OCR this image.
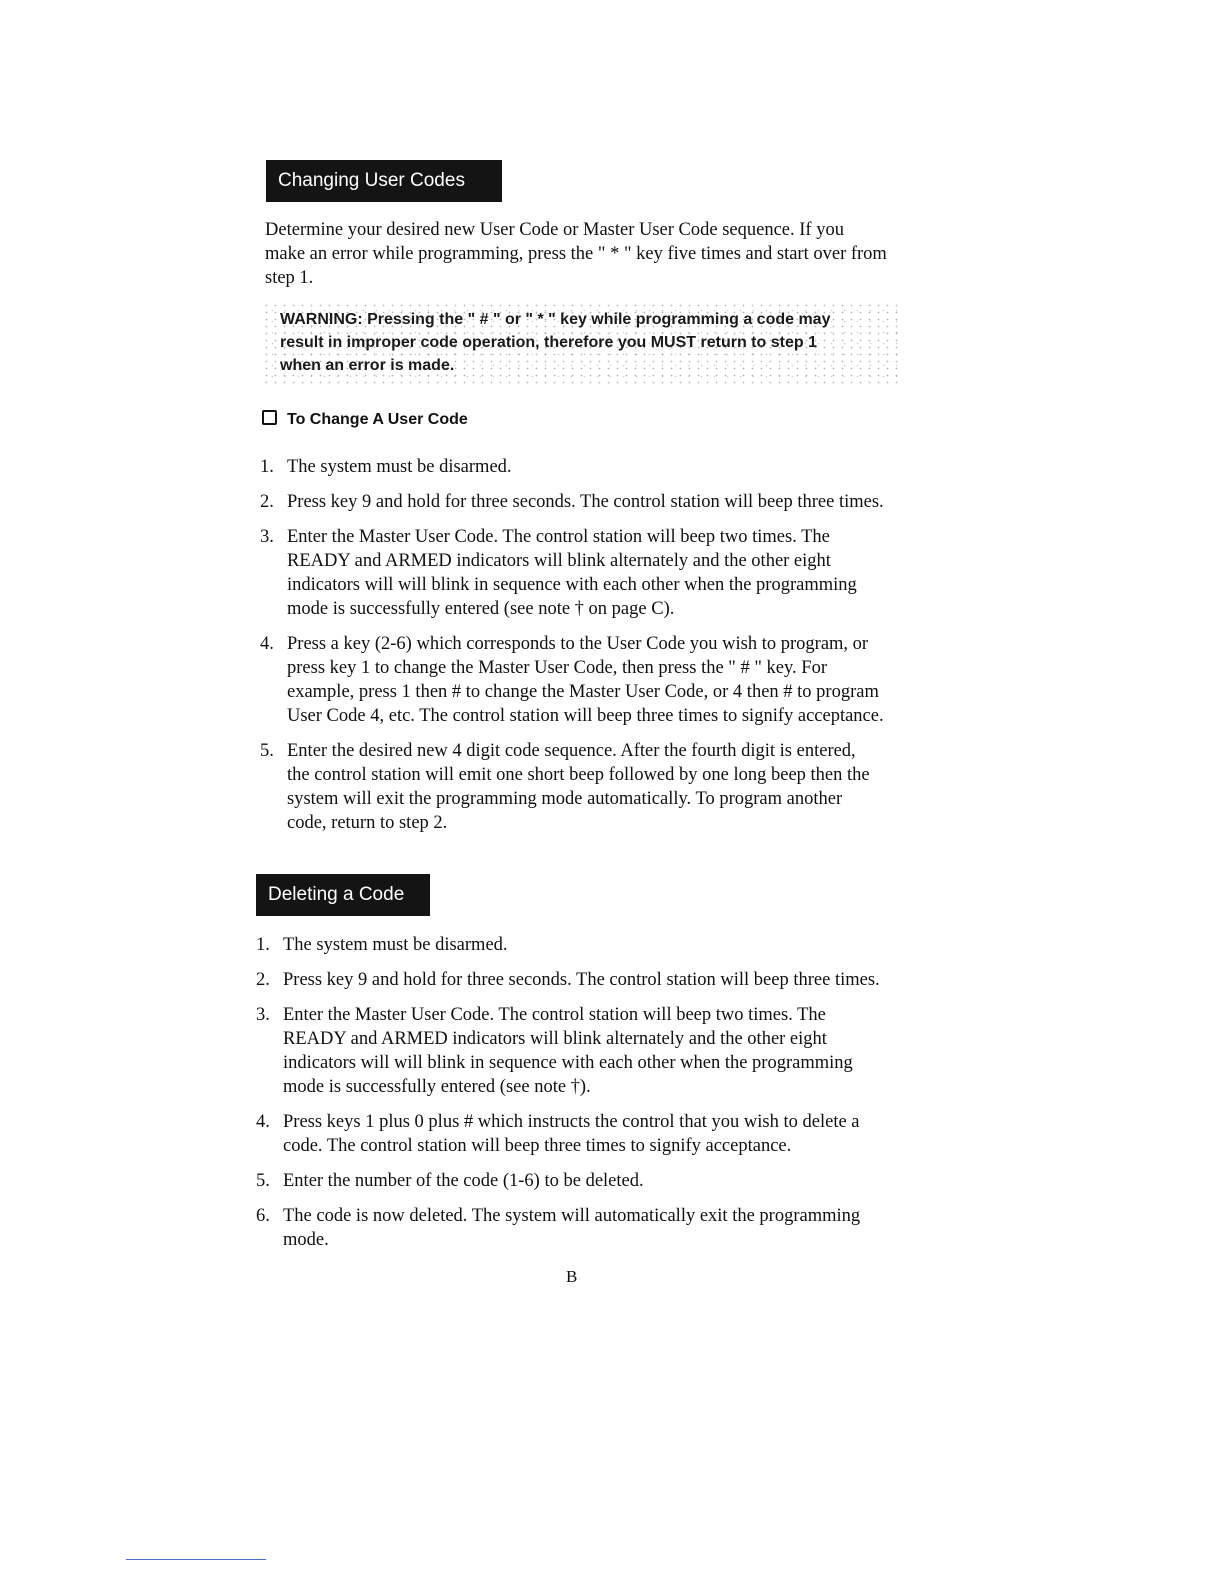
Changing User Codes

Determine your desired new User Code or Master User Code sequence. If you
make an error while programming, press the " * " key five times and start over from
step 1.

WARNING: Pressing the " # " or " * " key while programming a code may
result in improper code operation, therefore you MUST return to step 1
when an error is made.
To Change A User Code
1. The system must be disarmed.
2. Press key 9 and hold for three seconds. The control station will beep three times.
3. Enter the Master User Code. The control station will beep two times. The
READY and ARMED indicators will blink alternately and the other eight
indicators will will blink in sequence with each other when the programming
mode is successfully entered (see note † on page C).
4. Press a key (2-6) which corresponds to the User Code you wish to program, or
press key 1 to change the Master User Code, then press the " # " key. For
example, press 1 then # to change the Master User Code, or 4 then # to program
User Code 4, etc. The control station will beep three times to signify acceptance.
5. Enter the desired new 4 digit code sequence. After the fourth digit is entered,
the control station will emit one short beep followed by one long beep then the
system will exit the programming mode automatically. To program another
code, return to step 2.
Deleting a Code
1. The system must be disarmed.
2. Press key 9 and hold for three seconds. The control station will beep three times.
3. Enter the Master User Code. The control station will beep two times. The
READY and ARMED indicators will blink alternately and the other eight
indicators will will blink in sequence with each other when the programming
mode is successfully entered (see note †).
4. Press keys 1 plus 0 plus # which instructs the control that you wish to delete a
code. The control station will beep three times to signify acceptance.
5. Enter the number of the code (1-6) to be deleted.
6. The code is now deleted. The system will automatically exit the programming
mode.
B
